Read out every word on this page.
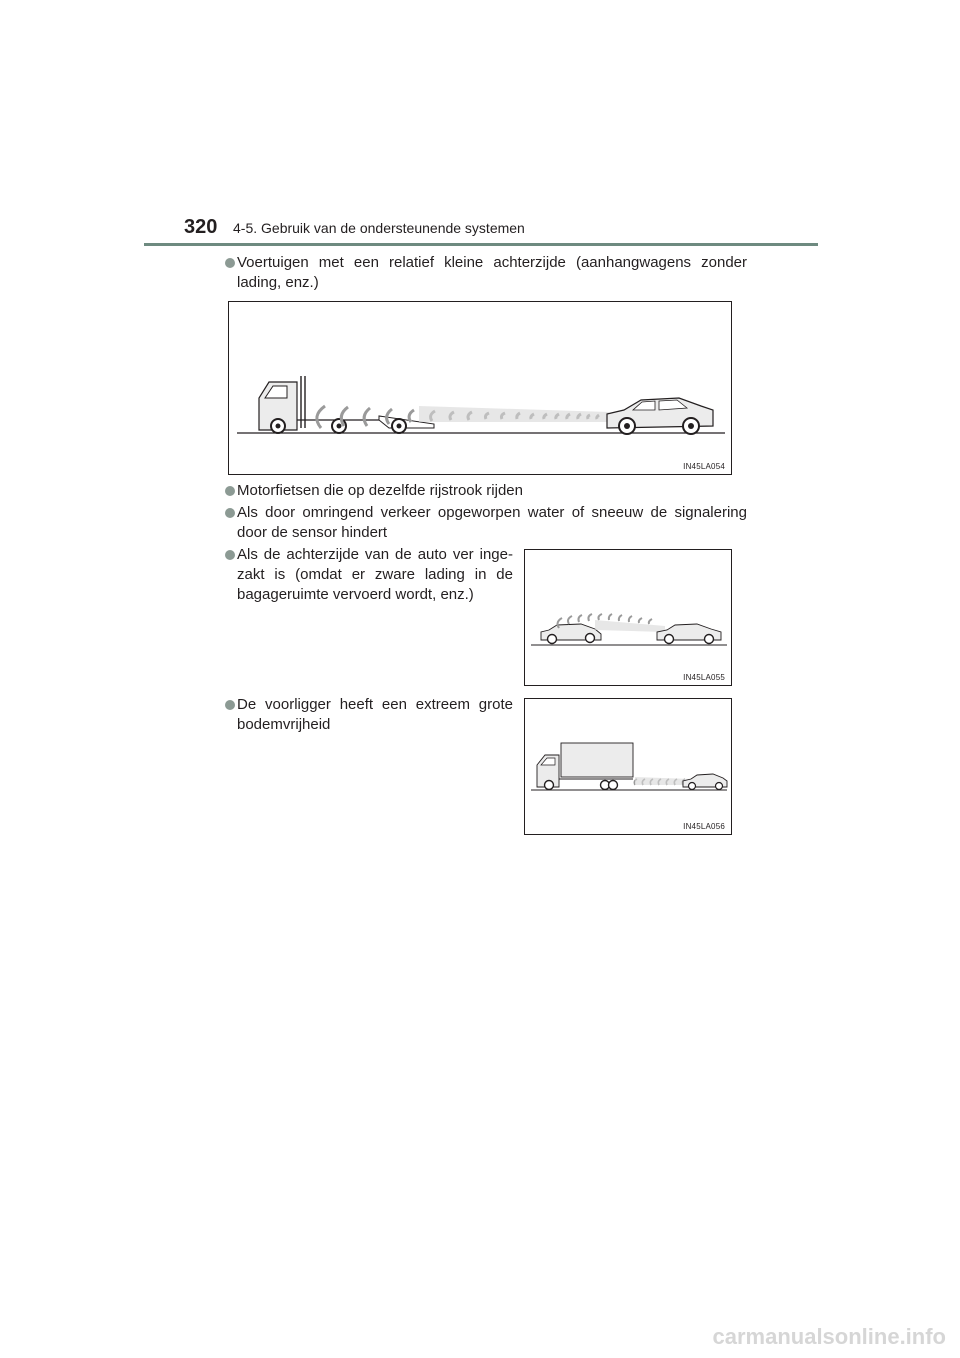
320 4-5. Gebruik van de ondersteunende systemen
Voertuigen met een relatief kleine achterzijde (aanhangwagens zonder lading, enz.)
IN45LA054
Motorfietsen die op dezelfde rijstrook rijden
Als door omringend verkeer opgeworpen water of sneeuw de signalering door de sensor hindert
Als de achterzijde van de auto ver inge-zakt is (omdat er zware lading in de bagageruimte vervoerd wordt, enz.)
IN45LA055
De voorligger heeft een extreem grote bodemvrijheid
IN45LA056
carmanualsonline.info
